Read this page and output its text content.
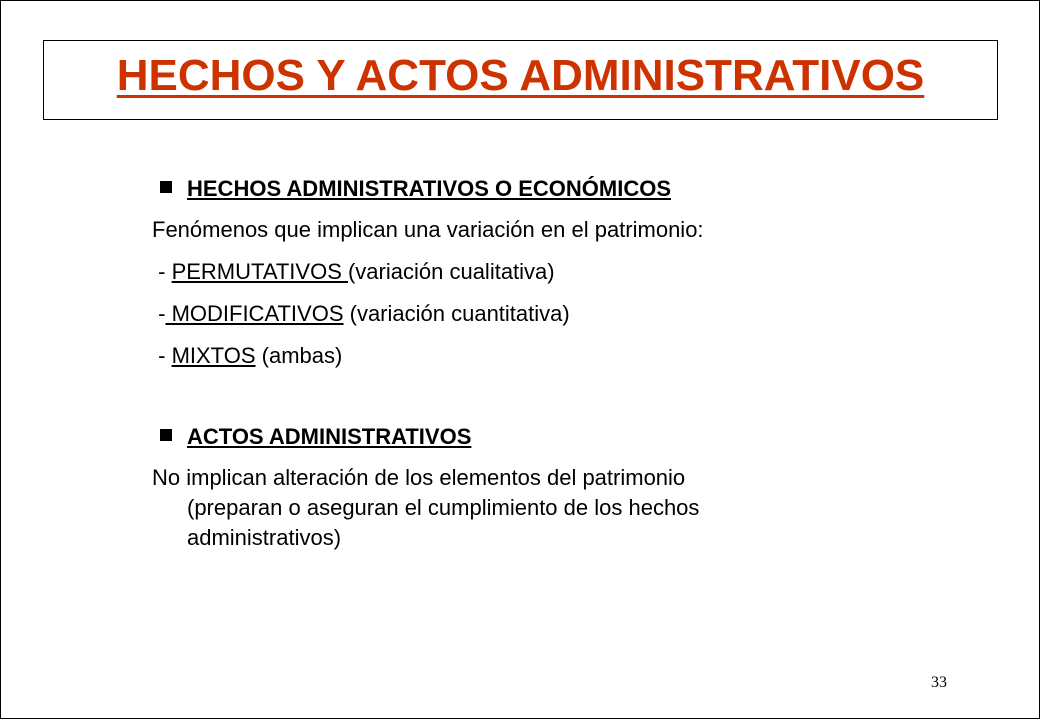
HECHOS Y ACTOS ADMINISTRATIVOS
HECHOS ADMINISTRATIVOS O ECONÓMICOS
Fenómenos que implican una variación en el patrimonio:
- PERMUTATIVOS (variación cualitativa)
- MODIFICATIVOS (variación cuantitativa)
- MIXTOS (ambas)
ACTOS ADMINISTRATIVOS
No implican alteración de los elementos del patrimonio
(preparan o aseguran el cumplimiento de los hechos
administrativos)
33
